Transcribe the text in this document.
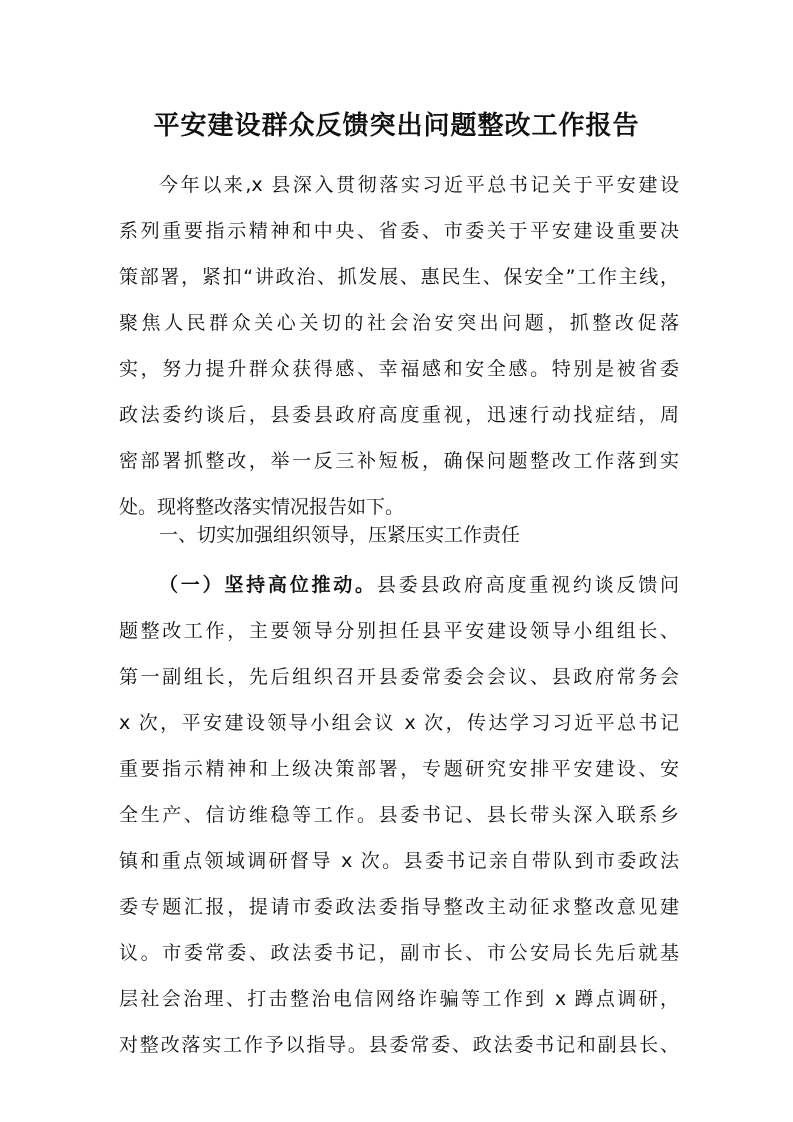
平安建设群众反馈突出问题整改工作报告
今年以来,x 县深入贯彻落实习近平总书记关于平安建设
系列重要指示精神和中央、省委、市委关于平安建设重要决
策部署，紧扣“讲政治、抓发展、惠民生、保安全”工作主线，
聚焦人民群众关心关切的社会治安突出问题，抓整改促落
实，努力提升群众获得感、幸福感和安全感。特别是被省委
政法委约谈后，县委县政府高度重视，迅速行动找症结，周
密部署抓整改，举一反三补短板，确保问题整改工作落到实
处。现将整改落实情况报告如下。
一、切实加强组织领导，压紧压实工作责任
（一）坚持高位推动。县委县政府高度重视约谈反馈问
题整改工作，主要领导分别担任县平安建设领导小组组长、
第一副组长，先后组织召开县委常委会会议、县政府常务会
x 次，平安建设领导小组会议 x 次，传达学习习近平总书记
重要指示精神和上级决策部署，专题研究安排平安建设、安
全生产、信访维稳等工作。县委书记、县长带头深入联系乡
镇和重点领域调研督导 x 次。县委书记亲自带队到市委政法
委专题汇报，提请市委政法委指导整改主动征求整改意见建
议。市委常委、政法委书记，副市长、市公安局长先后就基
层社会治理、打击整治电信网络诈骗等工作到 x 蹲点调研，
对整改落实工作予以指导。县委常委、政法委书记和副县长、
